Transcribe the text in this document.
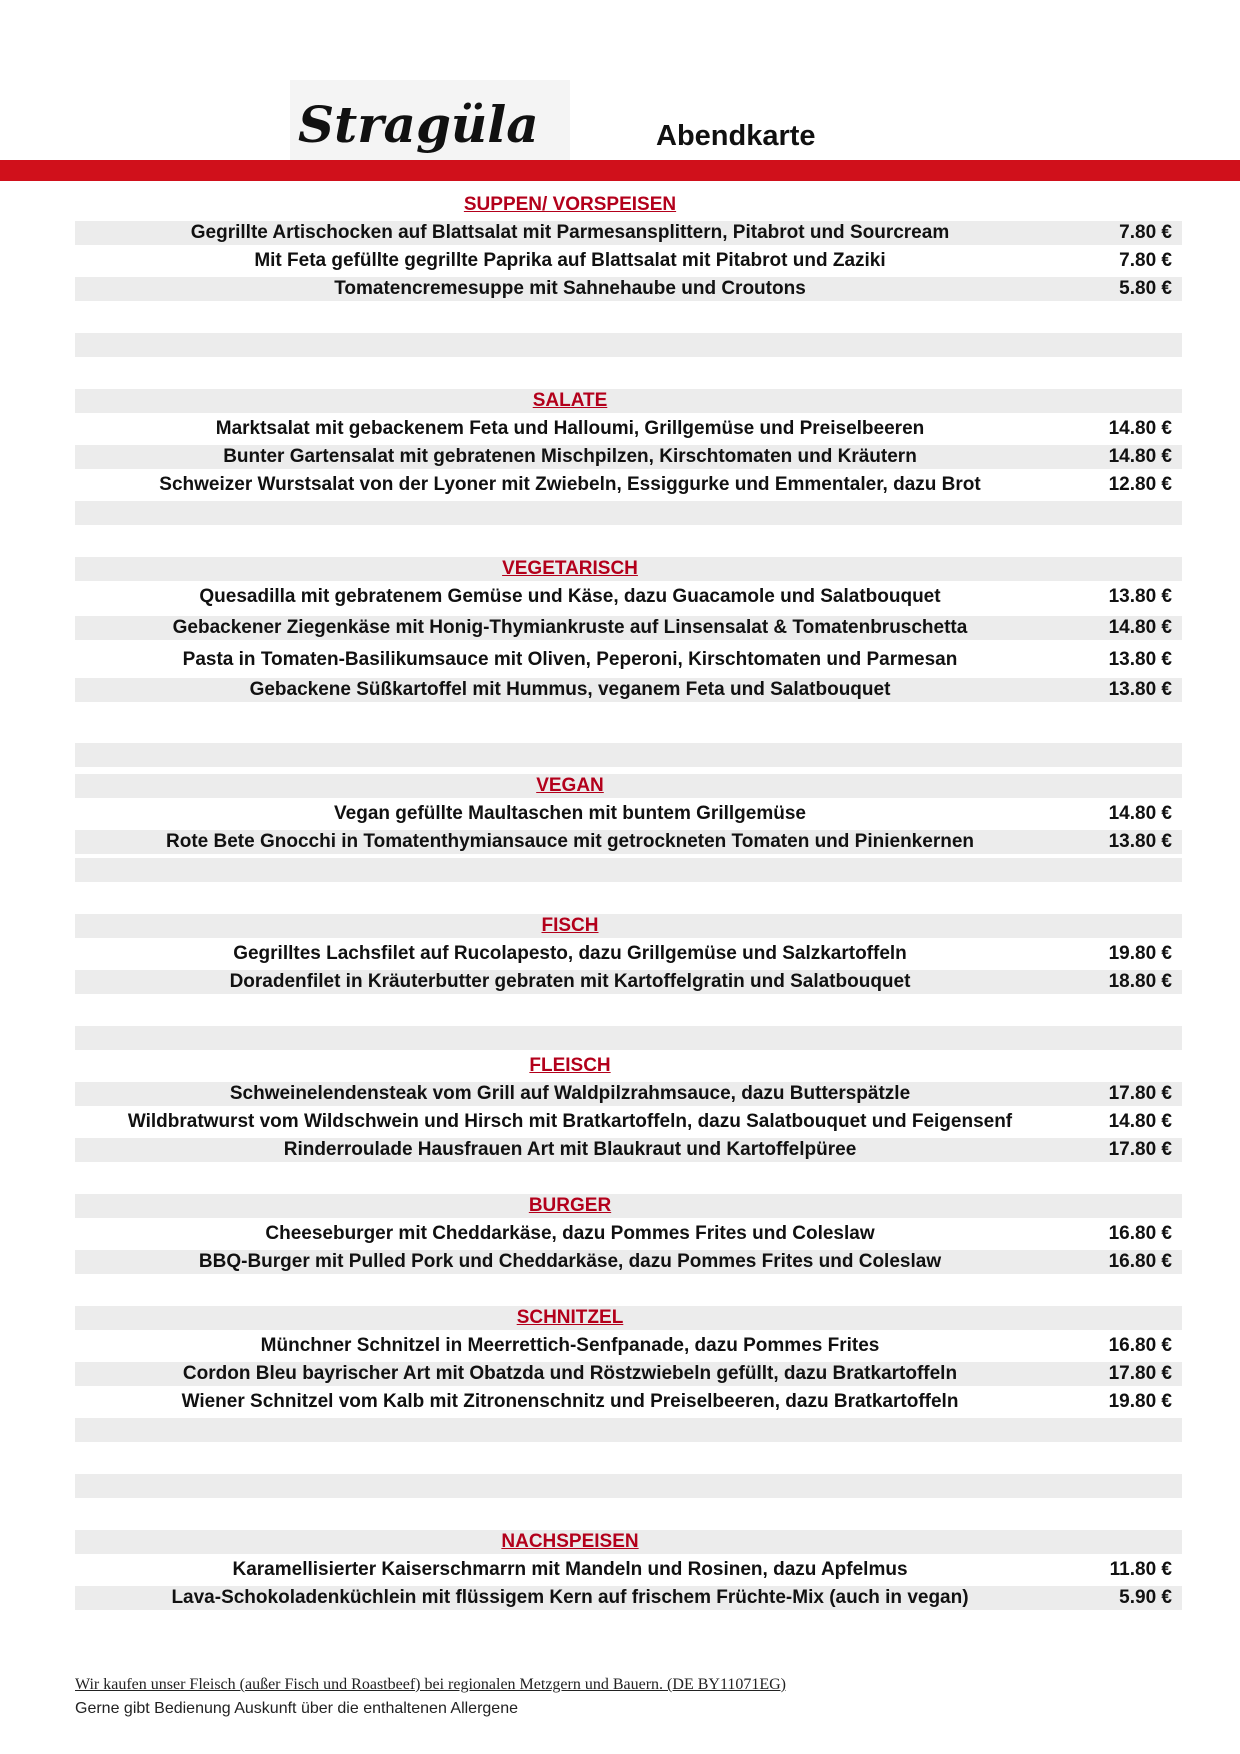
Stragüla	Abendkarte
SUPPEN/ VORSPEISEN
Gegrillte Artischocken auf Blattsalat mit Parmesansplittern, Pitabrot und Sourcream	7.80 €
Mit Feta gefüllte gegrillte Paprika auf Blattsalat mit Pitabrot und Zaziki	7.80 €
Tomatencremesuppe mit Sahnehaube und Croutons	5.80 €
SALATE
Marktsalat mit gebackenem Feta und Halloumi, Grillgemüse und Preiselbeeren	14.80 €
Bunter Gartensalat mit gebratenen Mischpilzen, Kirschtomaten und Kräutern	14.80 €
Schweizer Wurstsalat von der Lyoner mit Zwiebeln, Essiggurke und Emmentaler, dazu Brot	12.80 €
VEGETARISCH
Quesadilla mit gebratenem Gemüse und Käse, dazu Guacamole und Salatbouquet	13.80 €
Gebackener Ziegenkäse mit Honig-Thymiankruste auf Linsensalat & Tomatenbruschetta	14.80 €
Pasta in Tomaten-Basilikumsauce mit Oliven, Peperoni, Kirschtomaten und Parmesan	13.80 €
Gebackene Süßkartoffel mit Hummus, veganem Feta und Salatbouquet	13.80 €
VEGAN
Vegan gefüllte Maultaschen mit buntem Grillgemüse	14.80 €
Rote Bete Gnocchi in Tomatenthymiansauce mit getrockneten Tomaten und Pinienkernen	13.80 €
FISCH
Gegrilltes Lachsfilet auf Rucolapesto, dazu Grillgemüse und Salzkartoffeln	19.80 €
Doradenfilet in Kräuterbutter gebraten mit Kartoffelgratin und Salatbouquet	18.80 €
FLEISCH
Schweinelendensteak vom Grill auf Waldpilzrahmsauce, dazu Butterspätzle	17.80 €
Wildbratwurst vom Wildschwein und Hirsch mit Bratkartoffeln, dazu Salatbouquet und Feigensenf	14.80 €
Rinderroulade Hausfrauen Art mit Blaukraut und Kartoffelpüree	17.80 €
BURGER
Cheeseburger mit Cheddarkäse, dazu Pommes Frites und Coleslaw	16.80 €
BBQ-Burger mit Pulled Pork und Cheddarkäse, dazu Pommes Frites und Coleslaw	16.80 €
SCHNITZEL
Münchner Schnitzel in Meerrettich-Senfpanade, dazu Pommes Frites	16.80 €
Cordon Bleu bayrischer Art mit Obatzda und Röstzwiebeln gefüllt, dazu Bratkartoffeln	17.80 €
Wiener Schnitzel vom Kalb mit Zitronenschnitz und Preiselbeeren, dazu Bratkartoffeln	19.80 €
NACHSPEISEN
Karamellisierter Kaiserschmarrn mit Mandeln und Rosinen, dazu Apfelmus	11.80 €
Lava-Schokoladenküchlein mit flüssigem Kern auf frischem Früchte-Mix (auch in vegan)	5.90 €
Wir kaufen unser Fleisch (außer Fisch und Roastbeef) bei regionalen Metzgern und Bauern. (DE BY11071EG)
Gerne gibt Bedienung Auskunft über die enthaltenen Allergene
